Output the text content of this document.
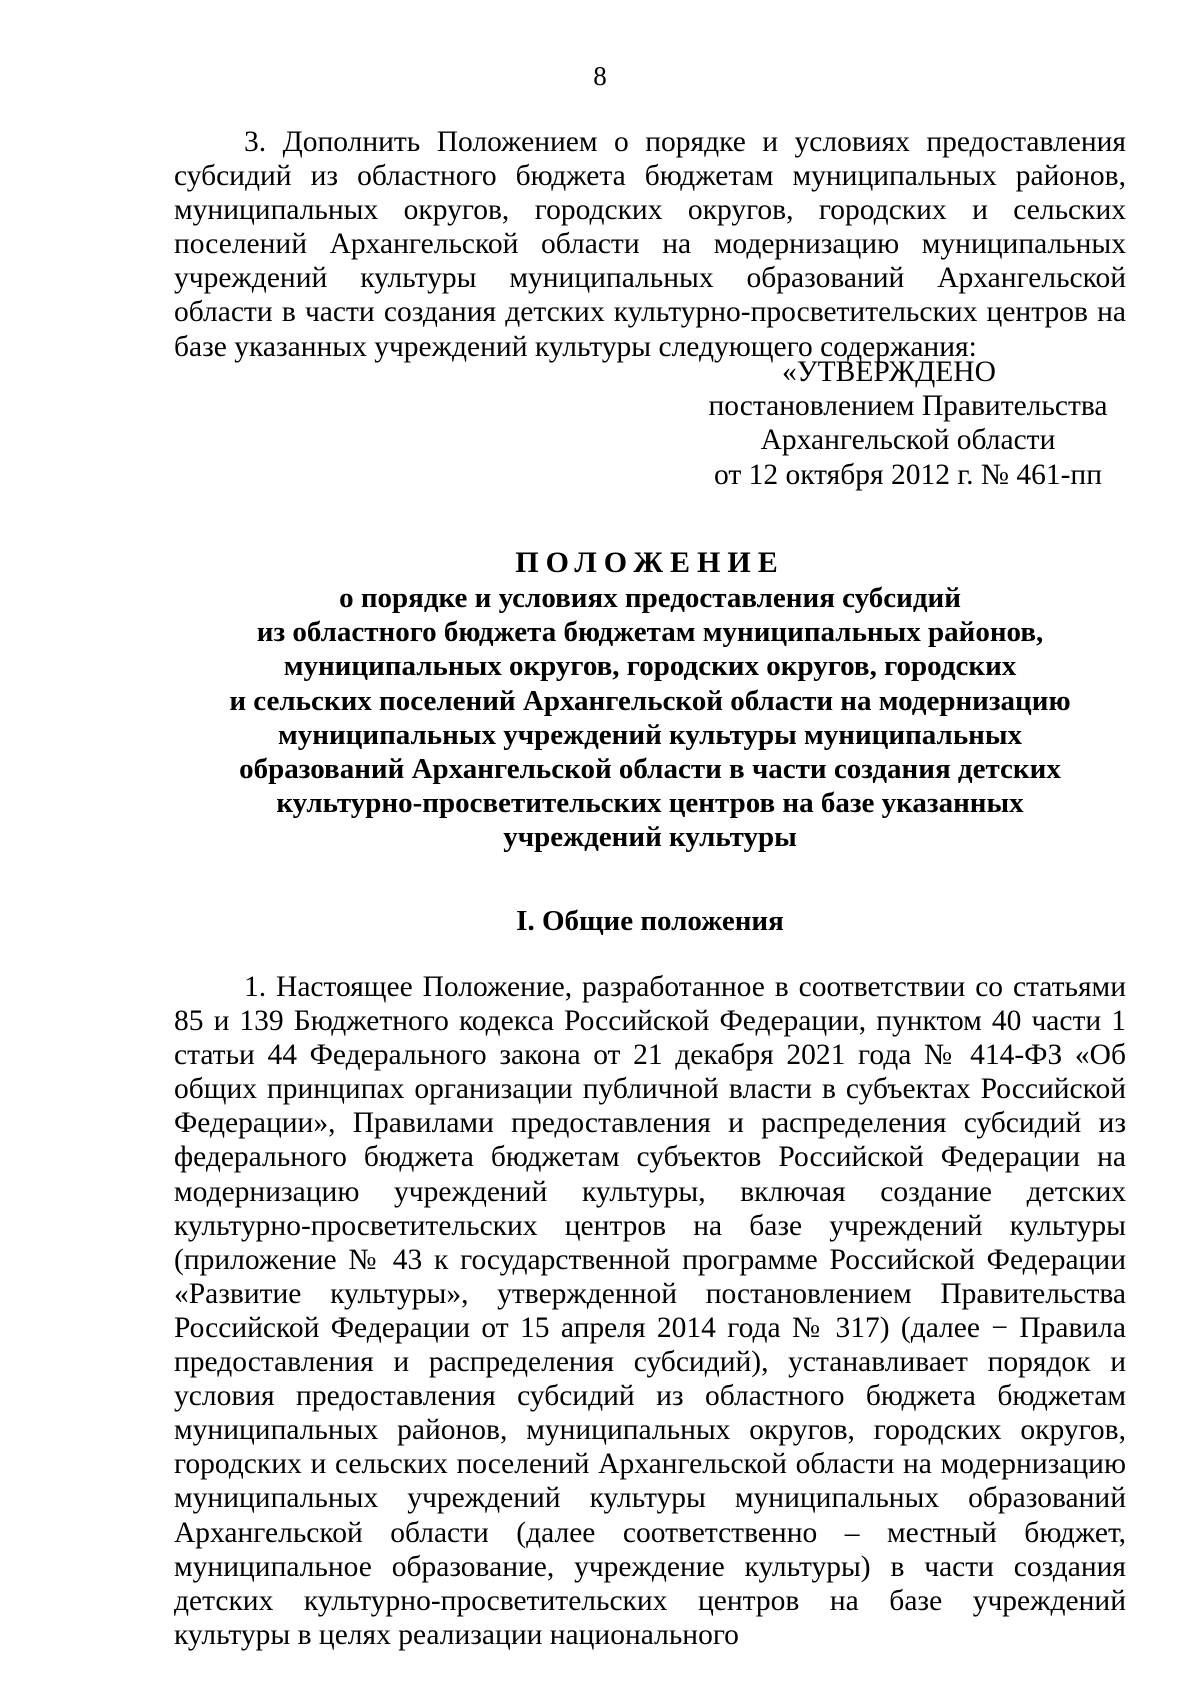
8
3. Дополнить Положением о порядке и условиях предоставления субсидий из областного бюджета бюджетам муниципальных районов, муниципальных округов, городских округов, городских и сельских поселений Архангельской области на модернизацию муниципальных учреждений культуры муниципальных образований Архангельской области в части создания детских культурно-просветительских центров на базе указанных учреждений культуры следующего содержания:
«УТВЕРЖДЕНО
постановлением Правительства
Архангельской области
от 12 октября 2012 г. № 461-пп
ПОЛОЖЕНИЕ
о порядке и условиях предоставления субсидий
из областного бюджета бюджетам муниципальных районов,
муниципальных округов, городских округов, городских
и сельских поселений Архангельской области на модернизацию
муниципальных учреждений культуры муниципальных
образований Архангельской области в части создания детских
культурно-просветительских центров на базе указанных
учреждений культуры
I. Общие положения
1. Настоящее Положение, разработанное в соответствии со статьями 85 и 139 Бюджетного кодекса Российской Федерации, пунктом 40 части 1 статьи 44 Федерального закона от 21 декабря 2021 года № 414-ФЗ «Об общих принципах организации публичной власти в субъектах Российской Федерации», Правилами предоставления и распределения субсидий из федерального бюджета бюджетам субъектов Российской Федерации на модернизацию учреждений культуры, включая создание детских культурно-просветительских центров на базе учреждений культуры (приложение № 43 к государственной программе Российской Федерации «Развитие культуры», утвержденной постановлением Правительства Российской Федерации от 15 апреля 2014 года № 317) (далее − Правила предоставления и распределения субсидий), устанавливает порядок и условия предоставления субсидий из областного бюджета бюджетам муниципальных районов, муниципальных округов, городских округов, городских и сельских поселений Архангельской области на модернизацию муниципальных учреждений культуры муниципальных образований Архангельской области (далее соответственно – местный бюджет, муниципальное образование, учреждение культуры) в части создания детских культурно-просветительских центров на базе учреждений культуры в целях реализации национального
